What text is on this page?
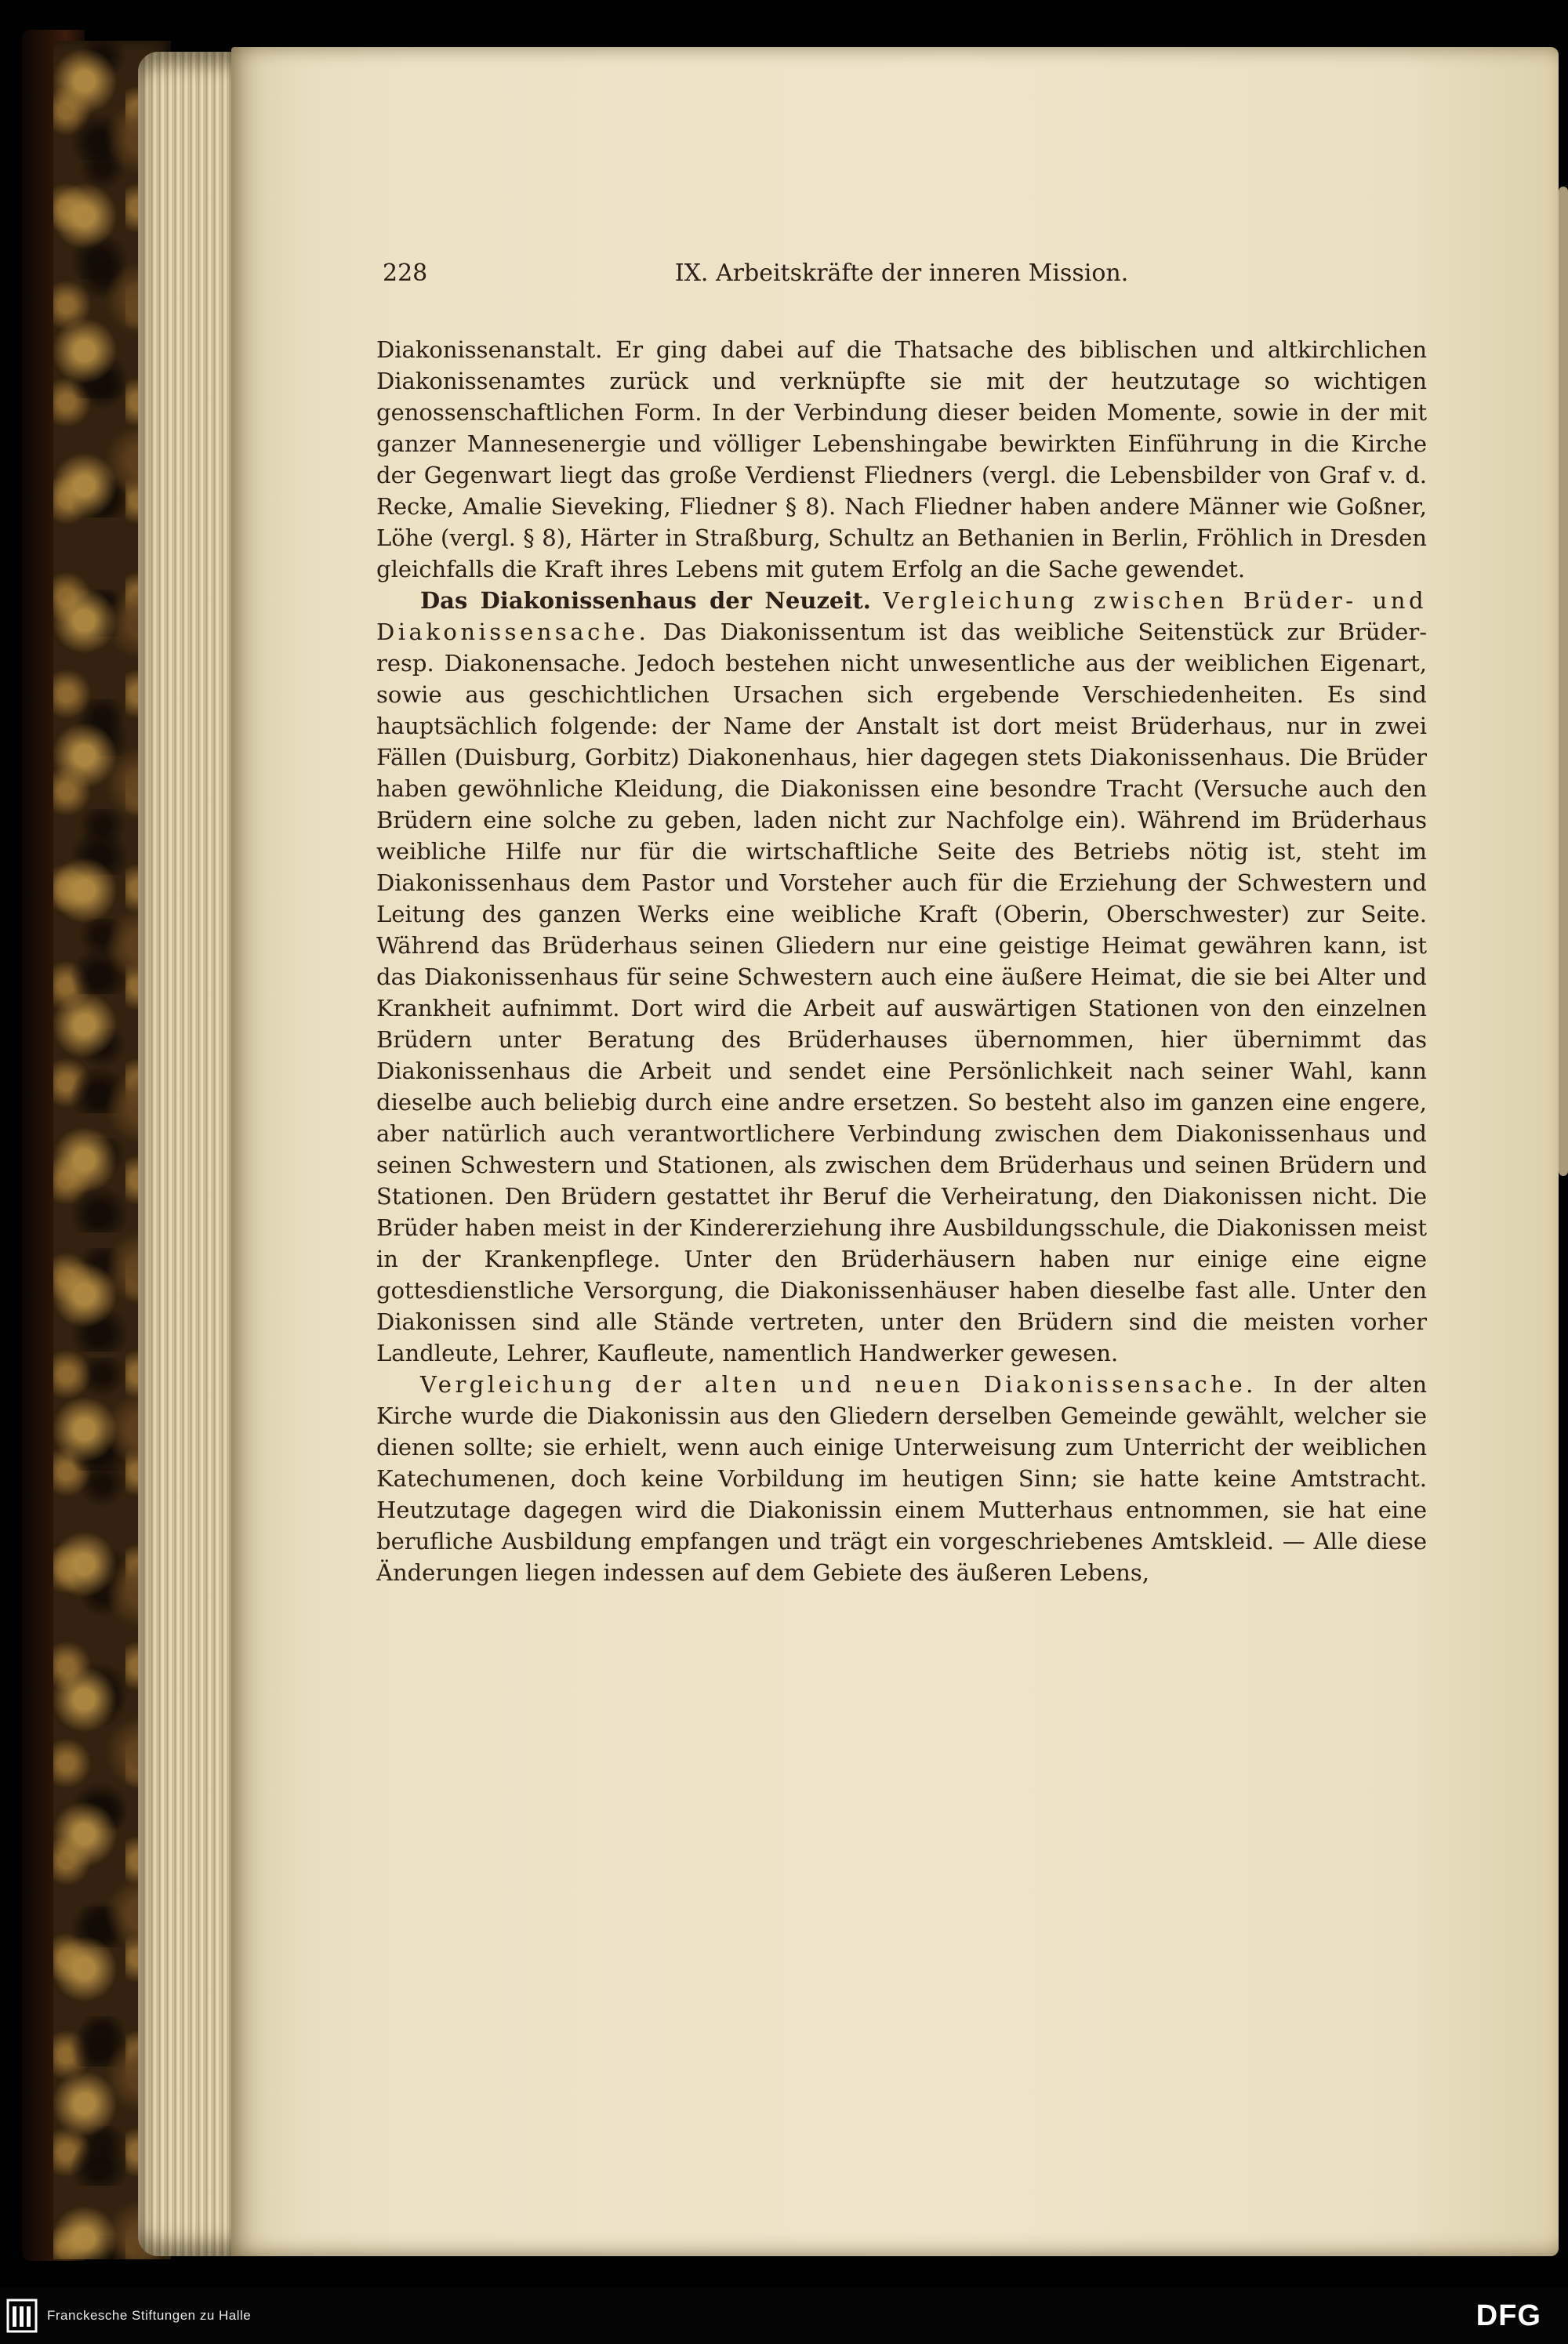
228	IX. Arbeitskräfte der inneren Mission.

Diakonissenanstalt. Er ging dabei auf die Thatsache des biblischen und altkirchlichen Diakonissenamtes zurück und verknüpfte sie mit der heutzutage so wichtigen genossenschaftlichen Form. In der Verbindung dieser beiden Momente, sowie in der mit ganzer Mannesenergie und völliger Lebenshingabe bewirkten Einführung in die Kirche der Gegenwart liegt das große Verdienst Fliedners (vergl. die Lebensbilder von Graf v. d. Recke, Amalie Sieveking, Fliedner § 8). Nach Fliedner haben andere Männer wie Goßner, Löhe (vergl. § 8), Härter in Straßburg, Schultz an Bethanien in Berlin, Fröhlich in Dresden gleichfalls die Kraft ihres Lebens mit gutem Erfolg an die Sache gewendet.

Das Diakonissenhaus der Neuzeit. Vergleichung zwischen Brüder- und Diakonissensache. Das Diakonissentum ist das weibliche Seitenstück zur Brüder- resp. Diakonensache. Jedoch bestehen nicht unwesentliche aus der weiblichen Eigenart, sowie aus geschichtlichen Ursachen sich ergebende Verschiedenheiten. Es sind hauptsächlich folgende: der Name der Anstalt ist dort meist Brüderhaus, nur in zwei Fällen (Duisburg, Gorbitz) Diakonenhaus, hier dagegen stets Diakonissenhaus. Die Brüder haben gewöhnliche Kleidung, die Diakonissen eine besondre Tracht (Versuche auch den Brüdern eine solche zu geben, laden nicht zur Nachfolge ein). Während im Brüderhaus weibliche Hilfe nur für die wirtschaftliche Seite des Betriebs nötig ist, steht im Diakonissenhaus dem Pastor und Vorsteher auch für die Erziehung der Schwestern und Leitung des ganzen Werks eine weibliche Kraft (Oberin, Oberschwester) zur Seite. Während das Brüderhaus seinen Gliedern nur eine geistige Heimat gewähren kann, ist das Diakonissenhaus für seine Schwestern auch eine äußere Heimat, die sie bei Alter und Krankheit aufnimmt. Dort wird die Arbeit auf auswärtigen Stationen von den einzelnen Brüdern unter Beratung des Brüderhauses übernommen, hier übernimmt das Diakonissenhaus die Arbeit und sendet eine Persönlichkeit nach seiner Wahl, kann dieselbe auch beliebig durch eine andre ersetzen. So besteht also im ganzen eine engere, aber natürlich auch verantwortlichere Verbindung zwischen dem Diakonissenhaus und seinen Schwestern und Stationen, als zwischen dem Brüderhaus und seinen Brüdern und Stationen. Den Brüdern gestattet ihr Beruf die Verheiratung, den Diakonissen nicht. Die Brüder haben meist in der Kindererziehung ihre Ausbildungsschule, die Diakonissen meist in der Krankenpflege. Unter den Brüderhäusern haben nur einige eine eigne gottesdienstliche Versorgung, die Diakonissenhäuser haben dieselbe fast alle. Unter den Diakonissen sind alle Stände vertreten, unter den Brüdern sind die meisten vorher Landleute, Lehrer, Kaufleute, namentlich Handwerker gewesen.

Vergleichung der alten und neuen Diakonissensache. In der alten Kirche wurde die Diakonissin aus den Gliedern derselben Gemeinde gewählt, welcher sie dienen sollte; sie erhielt, wenn auch einige Unterweisung zum Unterricht der weiblichen Katechumenen, doch keine Vorbildung im heutigen Sinn; sie hatte keine Amtstracht. Heutzutage dagegen wird die Diakonissin einem Mutterhaus entnommen, sie hat eine berufliche Ausbildung empfangen und trägt ein vorgeschriebenes Amtskleid. — Alle diese Änderungen liegen indessen auf dem Gebiete des äußeren Lebens,

Franckesche Stiftungen zu Halle	DFG
